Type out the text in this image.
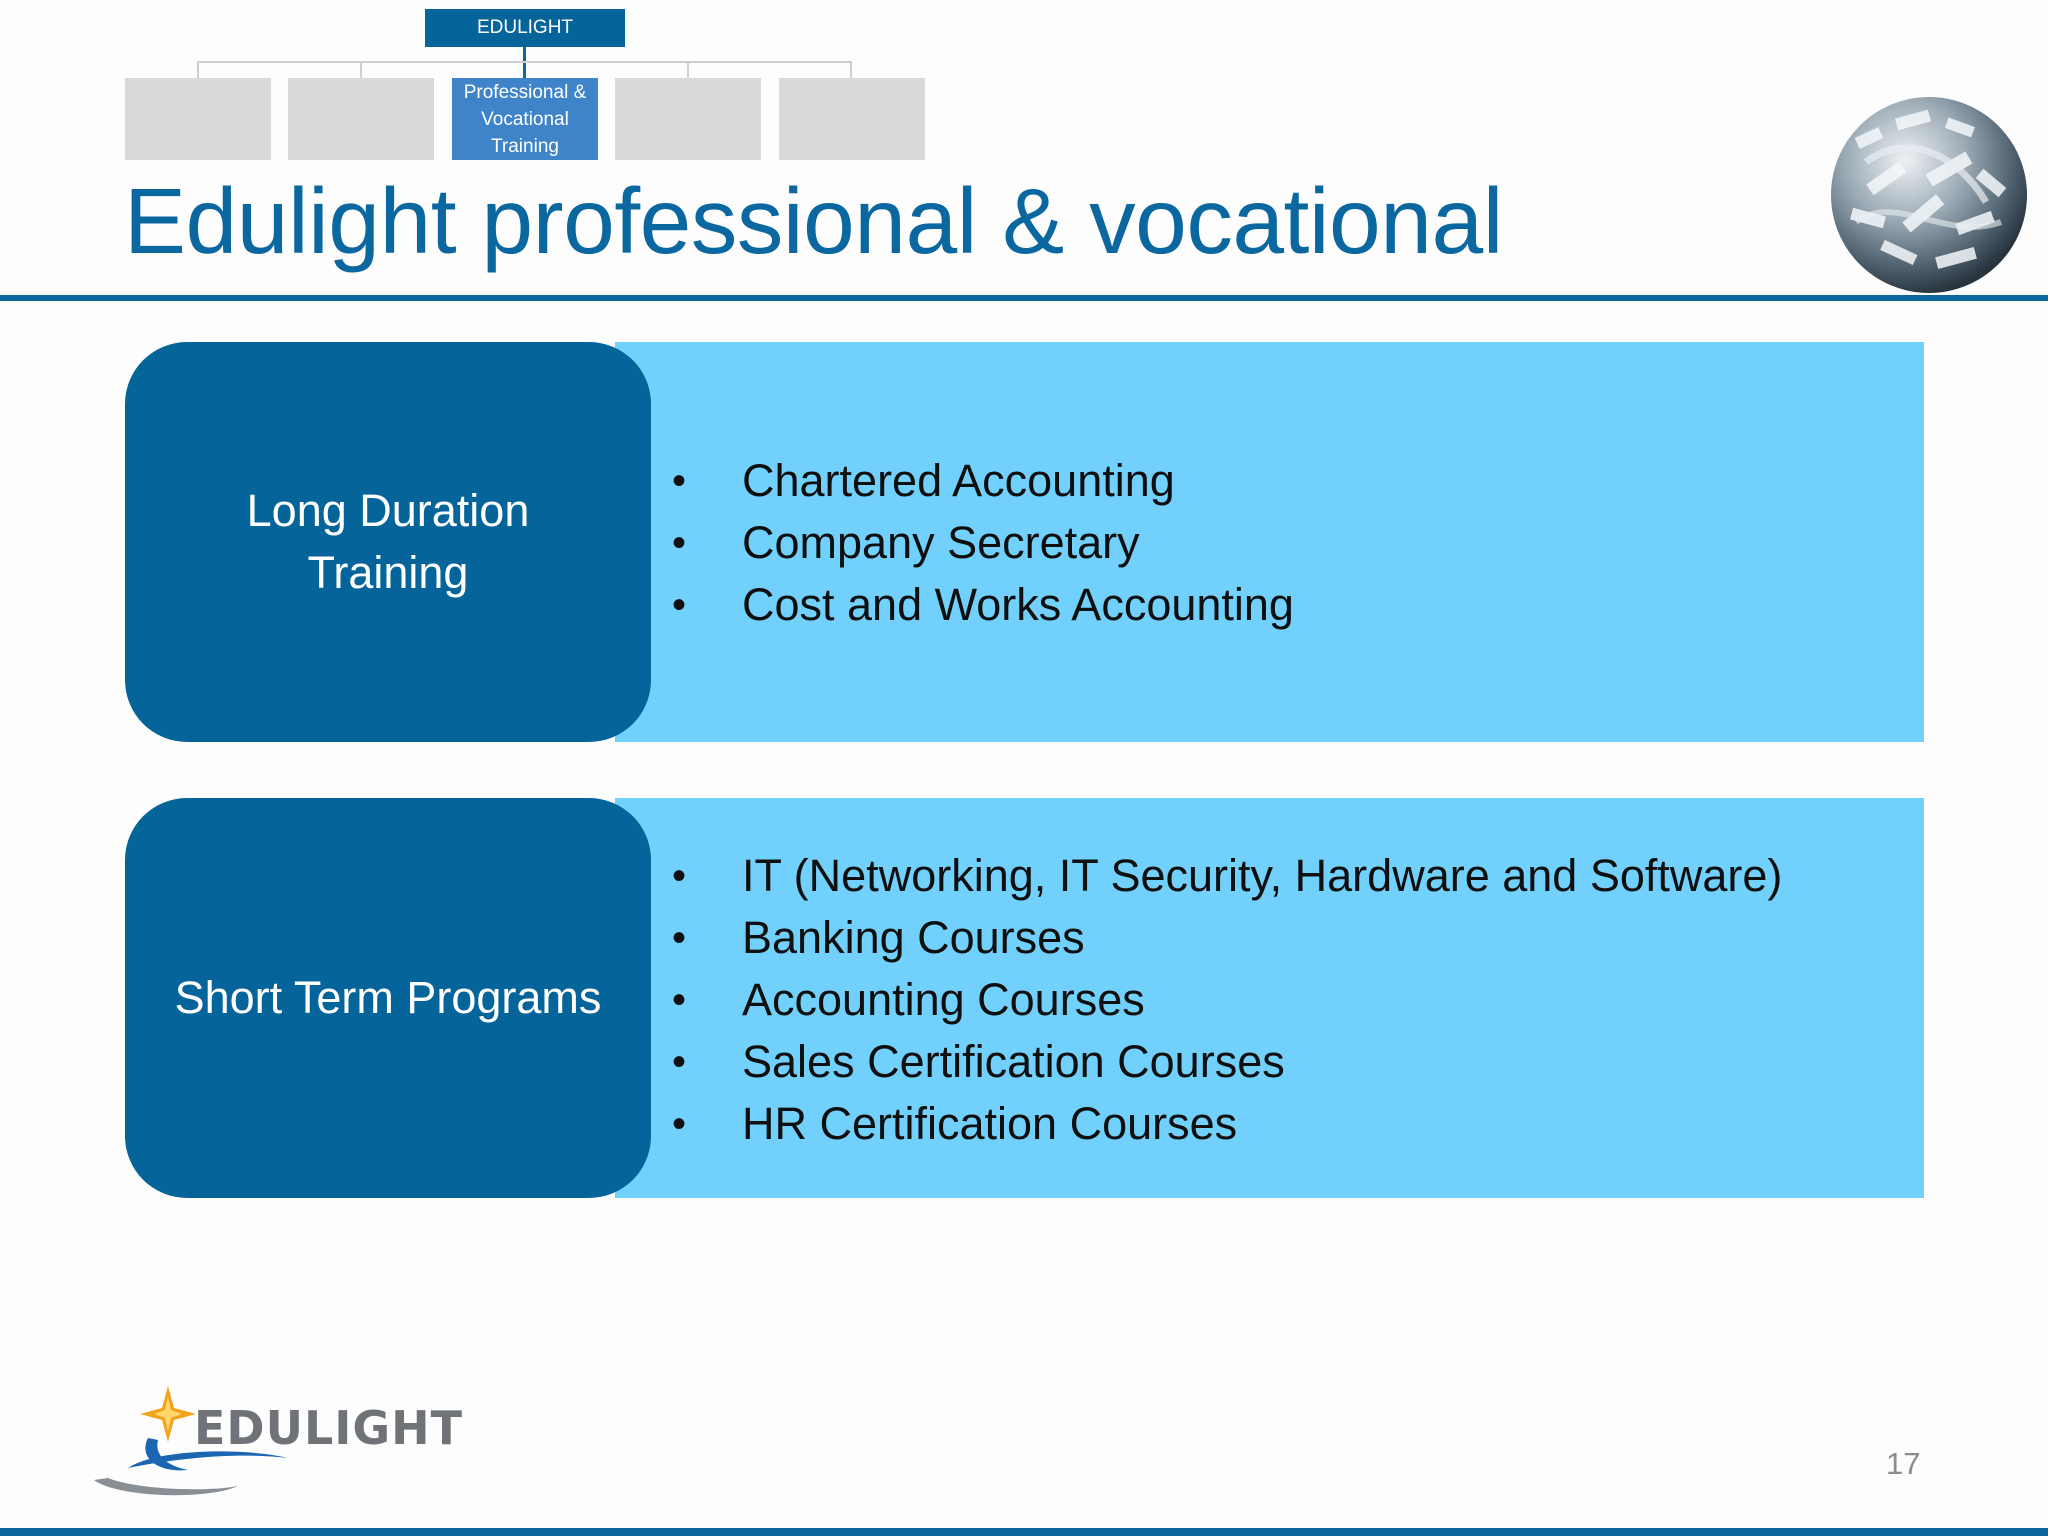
EDULIGHT
Professional & Vocational Training
Edulight professional & vocational
Long Duration
Training
• Chartered Accounting
• Company Secretary
• Cost and Works Accounting
Short Term Programs
• IT (Networking, IT Security, Hardware and Software)
• Banking Courses
• Accounting Courses
• Sales Certification Courses
• HR Certification Courses
EDULIGHT
17
